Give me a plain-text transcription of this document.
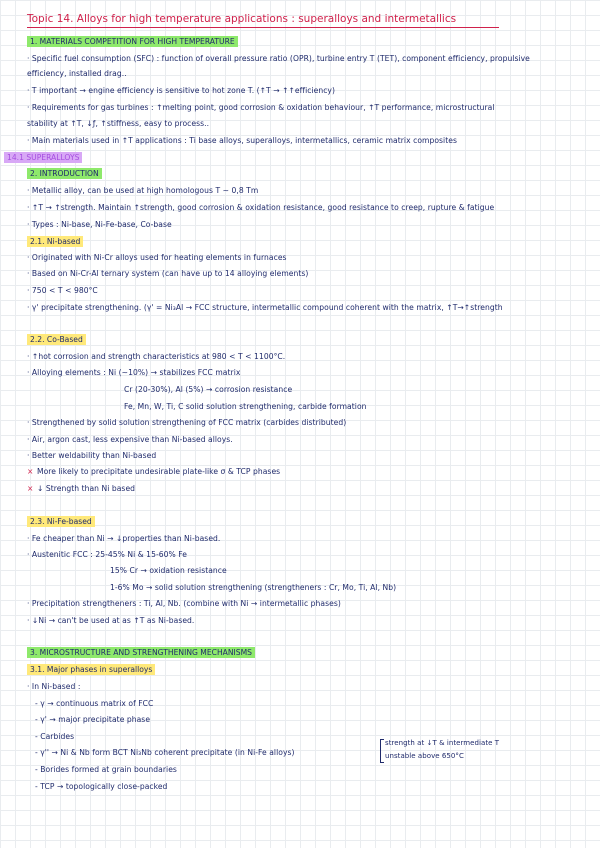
Topic 14. Alloys for high temperature applications : superalloys and intermetallics
1. MATERIALS COMPETITION FOR HIGH TEMPERATURE
· Specific fuel consumption (SFC) : function of overall pressure ratio (OPR), turbine entry T (TET), component efficiency, propulsive
efficiency, installed drag..
· T important → engine efficiency is sensitive to hot zone T. (↑T → ↑↑efficiency)
· Requirements for gas turbines : ↑melting point, good corrosion & oxidation behaviour, ↑T performance, microstructural
stability at ↑T, ↓ƒ, ↑stiffness, easy to process..
· Main materials used in ↑T applications : Ti base alloys, superalloys, intermetallics, ceramic matrix composites
14.1 SUPERALLOYS
2. INTRODUCTION
· Metallic alloy, can be used at high homologous T ~ 0,8 Tm
· ↑T → ↑strength. Maintain ↑strength, good corrosion & oxidation resistance, good resistance to creep, rupture & fatigue
· Types : Ni-base, Ni-Fe-base, Co-base
2.1. Ni-based
· Originated with Ni-Cr alloys used for heating elements in furnaces
· Based on Ni-Cr-Al ternary system (can have up to 14 alloying elements)
· 750 < T < 980°C
· γ' precipitate strengthening. (γ' = Ni₃Al → FCC structure, intermetallic compound coherent with the matrix, ↑T→↑strength
2.2. Co-Based
· ↑hot corrosion and strength characteristics at 980 < T < 1100°C.
· Alloying elements : Ni (~10%) → stabilizes FCC matrix
Cr (20-30%), Al (5%) → corrosion resistance
Fe, Mn, W, Ti, C solid solution strengthening, carbide formation
· Strengthened by solid solution strengthening of FCC matrix (carbides distributed)
· Air, argon cast, less expensive than Ni-based alloys.
· Better weldability than Ni-based
× More likely to precipitate undesirable plate-like σ & TCP phases
× ↓ Strength than Ni based
2.3. Ni-Fe-based
· Fe cheaper than Ni → ↓properties than Ni-based.
· Austenitic FCC : 25-45% Ni & 15-60% Fe
15% Cr → oxidation resistance
1-6% Mo → solid solution strengthening (strengtheners : Cr, Mo, Ti, Al, Nb)
· Precipitation strengtheners : Ti, Al, Nb. (combine with Ni → intermetallic phases)
· ↓Ni → can't be used at as ↑T as Ni-based.
3. MICROSTRUCTURE AND STRENGTHENING MECHANISMS
3.1. Major phases in superalloys
· In Ni-based :
- γ → continuous matrix of FCC
- γ' → major precipitate phase
- Carbides
- γ'' → Ni & Nb form BCT Ni₃Nb coherent precipitate (in Ni-Fe alloys)
- Borides formed at grain boundaries
- TCP → topologically close-packed
strength at ↓T & intermediate T
unstable above 650°C
